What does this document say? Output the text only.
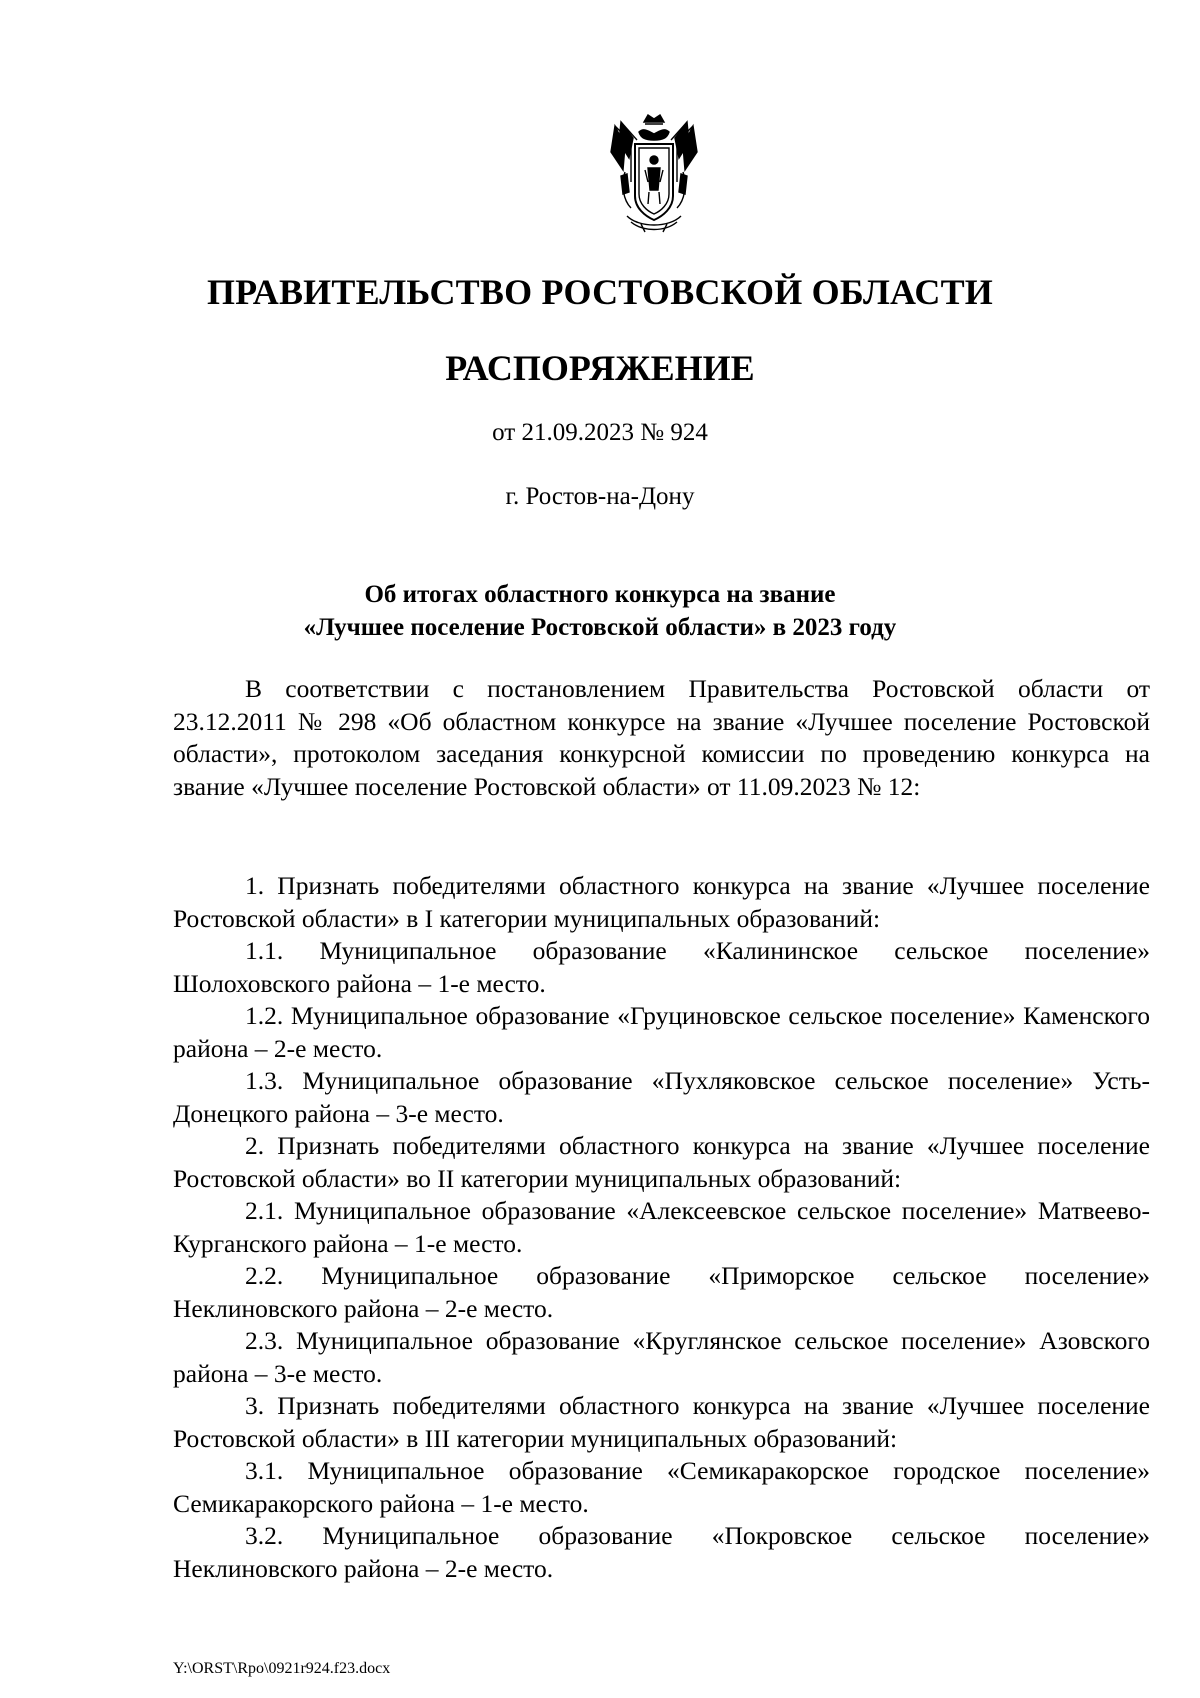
ПРАВИТЕЛЬСТВО РОСТОВСКОЙ ОБЛАСТИ
РАСПОРЯЖЕНИЕ
от 21.09.2023 № 924
г. Ростов-на-Дону
Об итогах областного конкурса на звание
«Лучшее поселение Ростовской области» в 2023 году

В соответствии с постановлением Правительства Ростовской области от 23.12.2011 № 298 «Об областном конкурсе на звание «Лучшее поселение Ростовской области», протоколом заседания конкурсной комиссии по проведению конкурса на звание «Лучшее поселение Ростовской области» от 11.09.2023 № 12:

1. Признать победителями областного конкурса на звание «Лучшее поселение Ростовской области» в I категории муниципальных образований:

1.1. Муниципальное образование «Калининское сельское поселение» Шолоховского района – 1-е место.

1.2. Муниципальное образование «Груциновское сельское поселение» Каменского района – 2-е место.

1.3. Муниципальное образование «Пухляковское сельское поселение» Усть-Донецкого района – 3-е место.

2. Признать победителями областного конкурса на звание «Лучшее поселение Ростовской области» во II категории муниципальных образований:

2.1. Муниципальное образование «Алексеевское сельское поселение» Матвеево-Курганского района – 1-е место.

2.2. Муниципальное образование «Приморское сельское поселение» Неклиновского района – 2-е место.

2.3. Муниципальное образование «Круглянское сельское поселение» Азовского района – 3-е место.

3. Признать победителями областного конкурса на звание «Лучшее поселение Ростовской области» в III категории муниципальных образований:

3.1. Муниципальное образование «Семикаракорское городское поселение» Семикаракорского района – 1-е место.

3.2. Муниципальное образование «Покровское сельское поселение» Неклиновского района – 2-е место.

Y:\ORST\Rpo\0921r924.f23.docx
